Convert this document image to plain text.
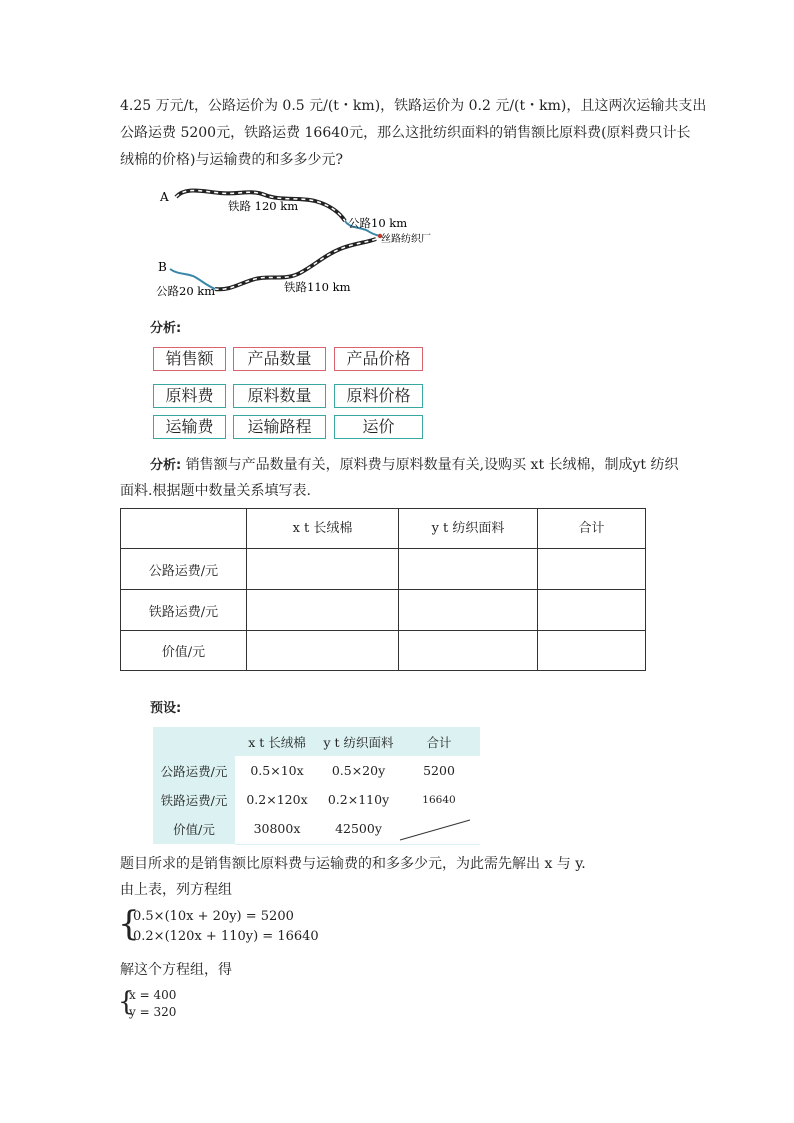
4.25 万元/t，公路运价为 0.5 元/(t・km)，铁路运价为 0.2 元/(t・km)，且这两次运输共支出
公路运费 5200元，铁路运费 16640元，那么这批纺织面料的销售额比原料费(原料费只计长
绒棉的价格)与运输费的和多多少元?
A
B
铁路 120 km
公路10 km
丝路纺织厂
公路20 km	铁路110 km
分析:
销售额	产品数量	产品价格
原料费	原料数量	原料价格
运输费	运输路程	运价
分析: 销售额与产品数量有关，原料费与原料数量有关,设购买 xt 长绒棉，制成yt 纺织
面料.根据题中数量关系填写表.
	x t 长绒棉	y t 纺织面料	合计
公路运费/元			
铁路运费/元			
价值/元			
预设:
	x t 长绒棉	y t 纺织面料	合计
公路运费/元	0.5×10x	0.5×20y	5200
铁路运费/元	0.2×120x	0.2×110y	16640
价值/元	30800x	42500y	
题目所求的是销售额比原料费与运输费的和多多少元，为此需先解出 x 与 y.
由上表，列方程组
{
0.5×(10x + 20y) = 5200
0.2×(120x + 110y) = 16640
解这个方程组，得
{
x = 400
y = 320
